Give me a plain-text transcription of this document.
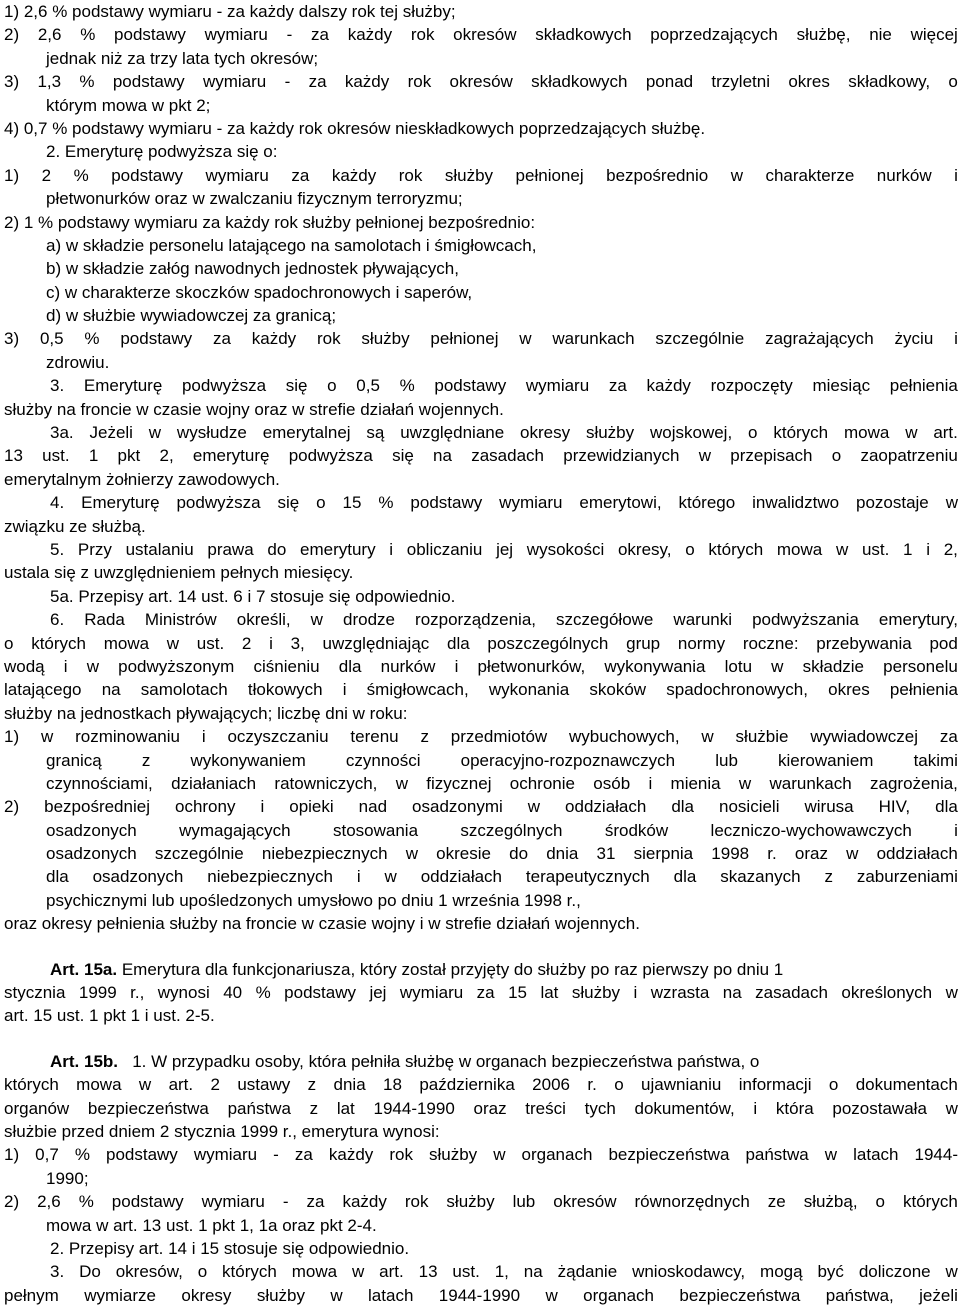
1) 2,6 % podstawy wymiaru - za każdy dalszy rok tej służby;
2) 2,6 % podstawy wymiaru - za każdy rok okresów składkowych poprzedzających służbę, nie więcej
jednak niż za trzy lata tych okresów;
3) 1,3 % podstawy wymiaru - za każdy rok okresów składkowych ponad trzyletni okres składkowy, o
którym mowa w pkt 2;
4) 0,7 % podstawy wymiaru - za każdy rok okresów nieskładkowych poprzedzających służbę.
2. Emeryturę podwyższa się o:
1) 2 % podstawy wymiaru za każdy rok służby pełnionej bezpośrednio w charakterze nurków i
płetwonurków oraz w zwalczaniu fizycznym terroryzmu;
2) 1 % podstawy wymiaru za każdy rok służby pełnionej bezpośrednio:
a) w składzie personelu latającego na samolotach i śmigłowcach,
b) w składzie załóg nawodnych jednostek pływających,
c) w charakterze skoczków spadochronowych i saperów,
d) w służbie wywiadowczej za granicą;
3) 0,5 % podstawy za każdy rok służby pełnionej w warunkach szczególnie zagrażających życiu i
zdrowiu.
3. Emeryturę podwyższa się o 0,5 % podstawy wymiaru za każdy rozpoczęty miesiąc pełnienia
służby na froncie w czasie wojny oraz w strefie działań wojennych.
3a. Jeżeli w wysłudze emerytalnej są uwzględniane okresy służby wojskowej, o których mowa w art.
13 ust. 1 pkt 2, emeryturę podwyższa się na zasadach przewidzianych w przepisach o zaopatrzeniu
emerytalnym żołnierzy zawodowych.
4. Emeryturę podwyższa się o 15 % podstawy wymiaru emerytowi, którego inwalidztwo pozostaje w
związku ze służbą.
5. Przy ustalaniu prawa do emerytury i obliczaniu jej wysokości okresy, o których mowa w ust. 1 i 2,
ustala się z uwzględnieniem pełnych miesięcy.
5a. Przepisy art. 14 ust. 6 i 7 stosuje się odpowiednio.
6. Rada Ministrów określi, w drodze rozporządzenia, szczegółowe warunki podwyższania emerytury,
o których mowa w ust. 2 i 3, uwzględniając dla poszczególnych grup normy roczne: przebywania pod
wodą i w podwyższonym ciśnieniu dla nurków i płetwonurków, wykonywania lotu w składzie personelu
latającego na samolotach tłokowych i śmigłowcach, wykonania skoków spadochronowych, okres pełnienia
służby na jednostkach pływających; liczbę dni w roku:
1) w rozminowaniu i oczyszczaniu terenu z przedmiotów wybuchowych, w służbie wywiadowczej za
granicą z wykonywaniem czynności operacyjno-rozpoznawczych lub kierowaniem takimi
czynnościami, działaniach ratowniczych, w fizycznej ochronie osób i mienia w warunkach zagrożenia,
2) bezpośredniej ochrony i opieki nad osadzonymi w oddziałach dla nosicieli wirusa HIV, dla
osadzonych wymagających stosowania szczególnych środków leczniczo-wychowawczych i
osadzonych szczególnie niebezpiecznych w okresie do dnia 31 sierpnia 1998 r. oraz w oddziałach
dla osadzonych niebezpiecznych i w oddziałach terapeutycznych dla skazanych z zaburzeniami
psychicznymi lub upośledzonych umysłowo po dniu 1 września 1998 r.,
oraz okresy pełnienia służby na froncie w czasie wojny i w strefie działań wojennych.
Art. 15a. Emerytura dla funkcjonariusza, który został przyjęty do służby po raz pierwszy po dniu 1
stycznia 1999 r., wynosi 40 % podstawy jej wymiaru za 15 lat służby i wzrasta na zasadach określonych w
art. 15 ust. 1 pkt 1 i ust. 2-5.
Art. 15b. 1. W przypadku osoby, która pełniła służbę w organach bezpieczeństwa państwa, o
których mowa w art. 2 ustawy z dnia 18 października 2006 r. o ujawnianiu informacji o dokumentach
organów bezpieczeństwa państwa z lat 1944-1990 oraz treści tych dokumentów, i która pozostawała w
służbie przed dniem 2 stycznia 1999 r., emerytura wynosi:
1) 0,7 % podstawy wymiaru - za każdy rok służby w organach bezpieczeństwa państwa w latach 1944-
1990;
2) 2,6 % podstawy wymiaru - za każdy rok służby lub okresów równorzędnych ze służbą, o których
mowa w art. 13 ust. 1 pkt 1, 1a oraz pkt 2-4.
2. Przepisy art. 14 i 15 stosuje się odpowiednio.
3. Do okresów, o których mowa w art. 13 ust. 1, na żądanie wnioskodawcy, mogą być doliczone w
pełnym wymiarze okresy służby w latach 1944-1990 w organach bezpieczeństwa państwa, jeżeli
